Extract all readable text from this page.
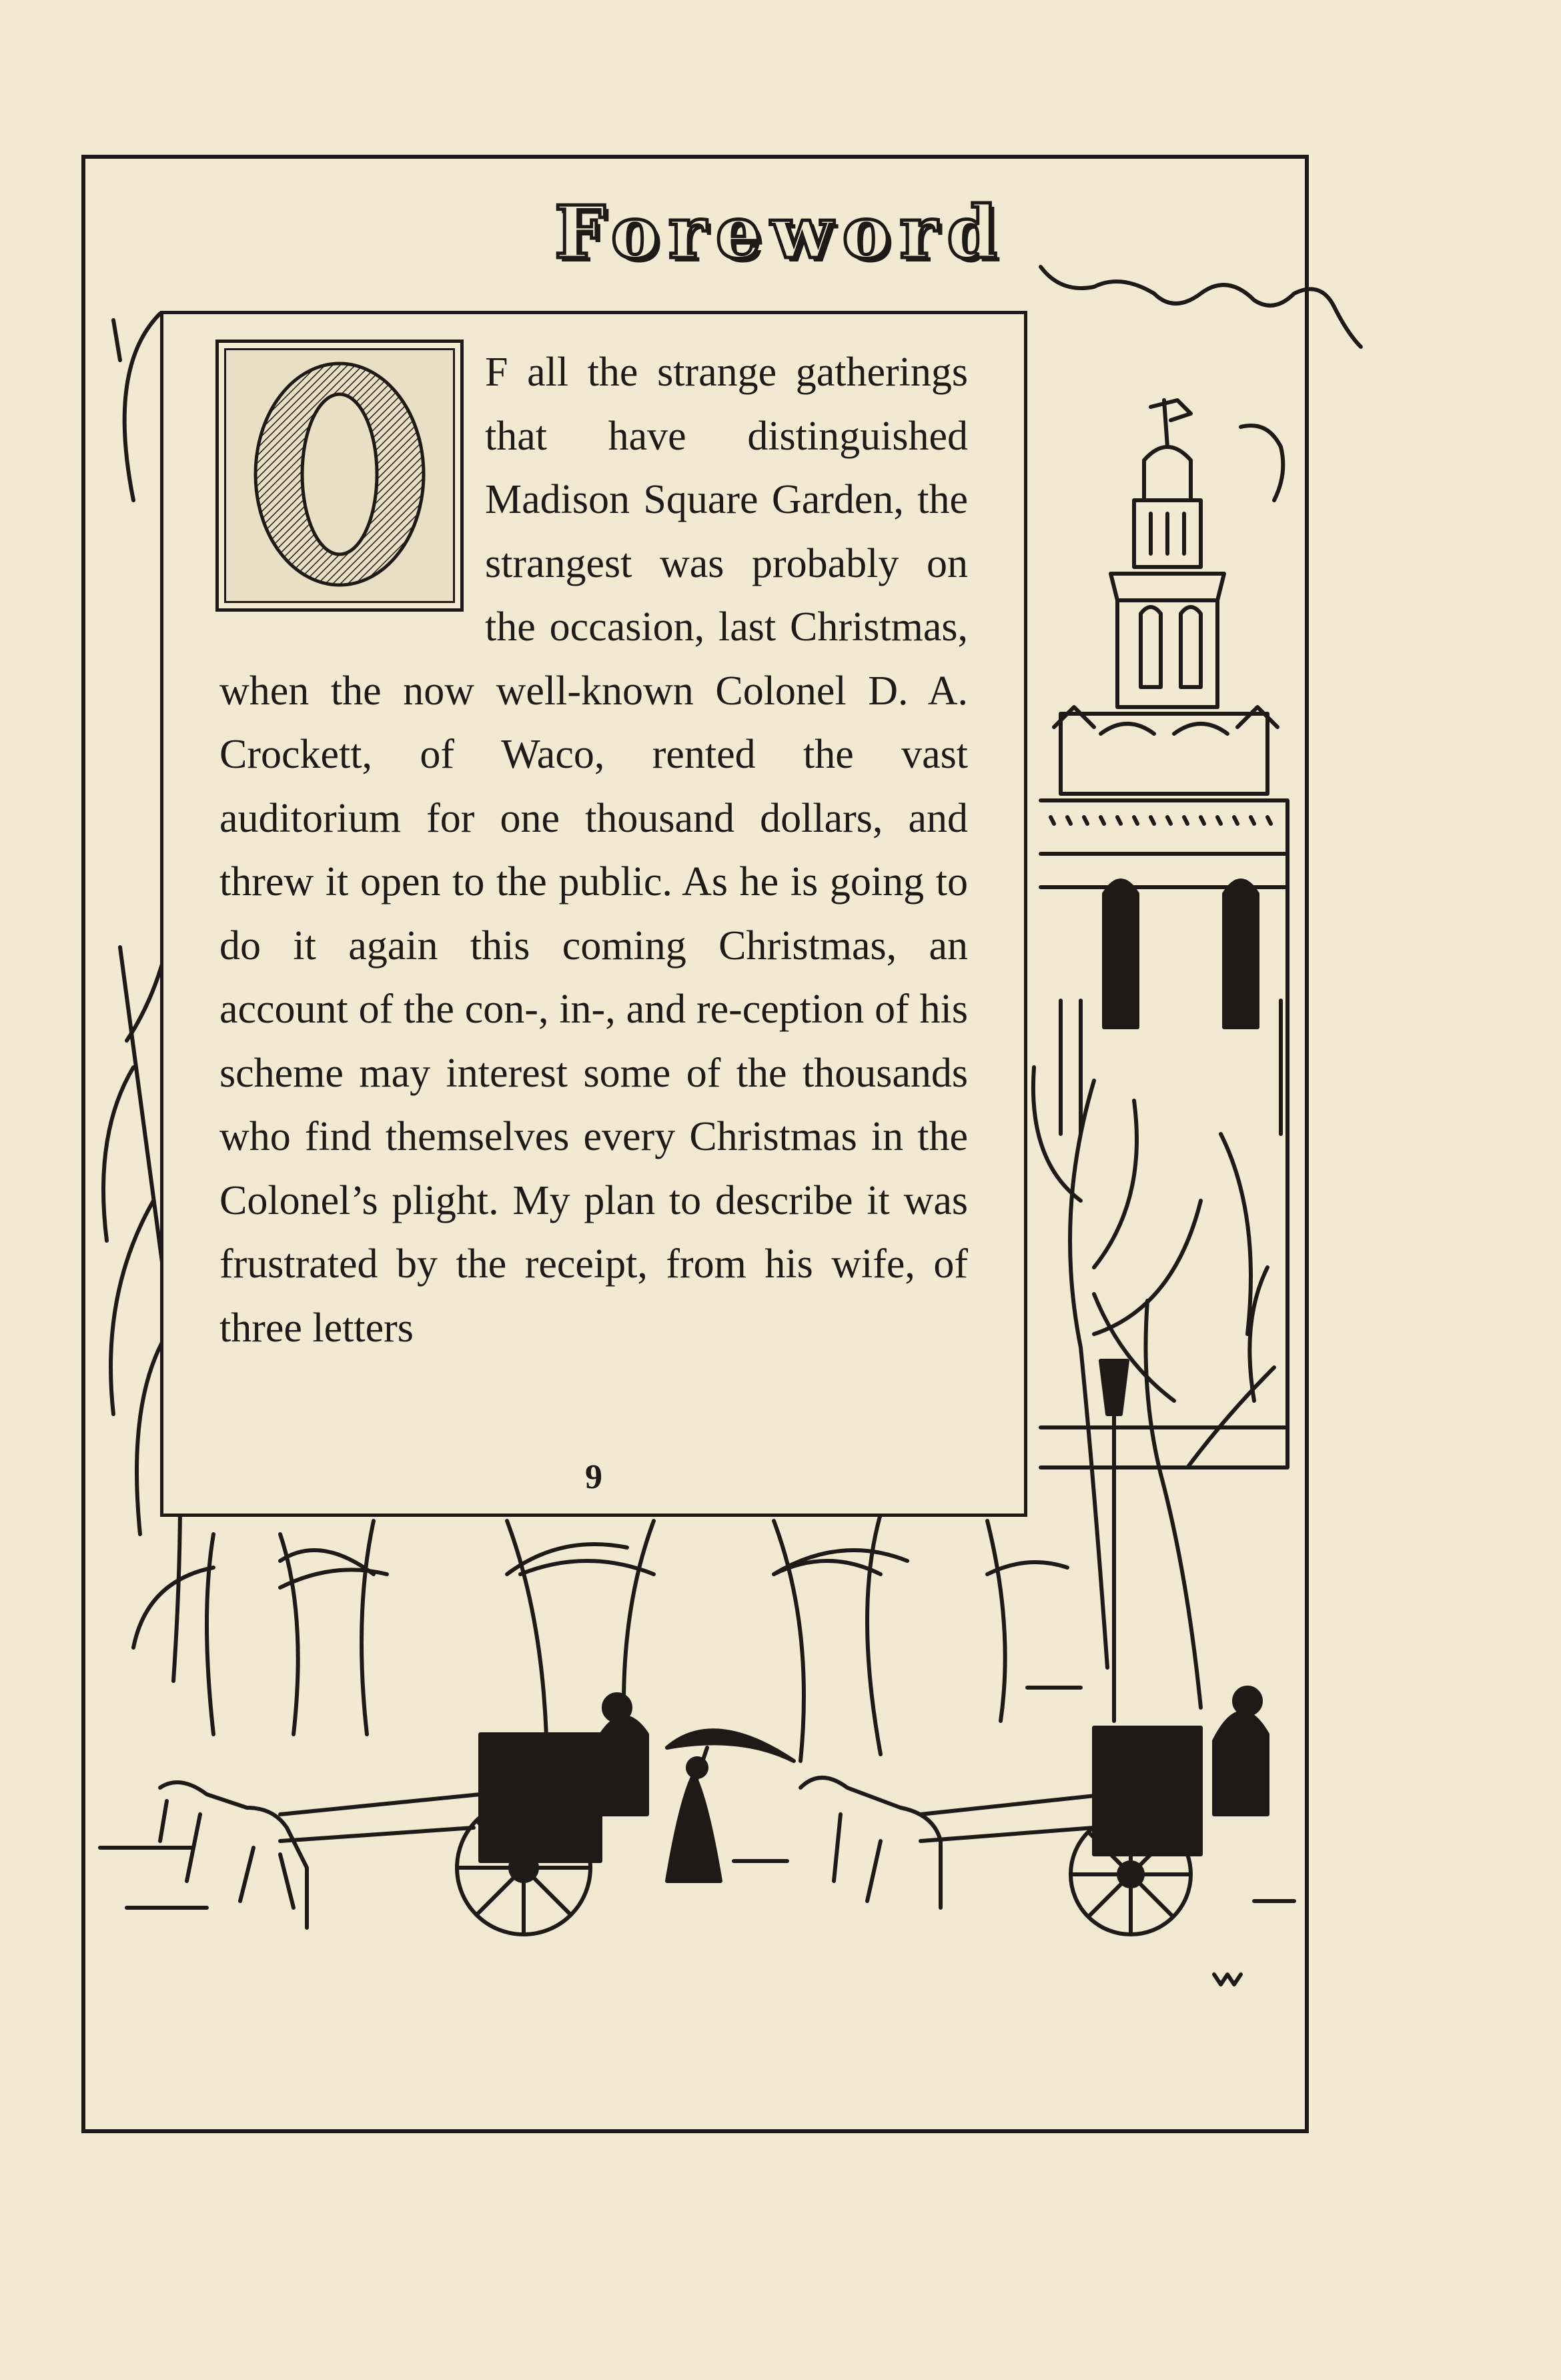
Foreword

F all the strange gatherings that have distinguished Madison Square Garden, the strangest was probably on the occasion, last Christmas, when the now well-known Colonel D. A. Crockett, of Waco, rented the vast auditorium for one thousand dollars, and threw it open to the public. As he is going to do it again this coming Christmas, an account of the con-, in-, and re-ception of his scheme may interest some of the thousands who find themselves every Christmas in the Colonel’s plight. My plan to describe it was frustrated by the receipt, from his wife, of three letters

9
